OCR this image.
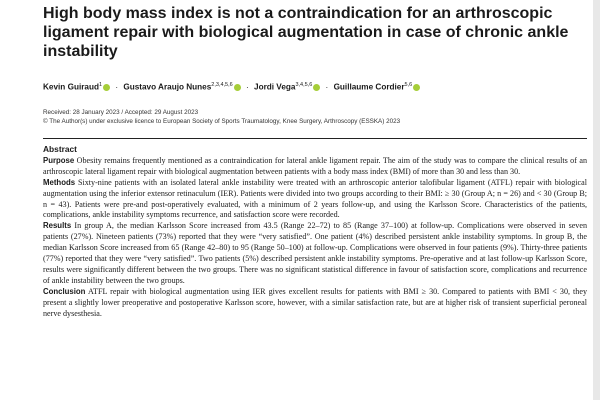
High body mass index is not a contraindication for an arthroscopic ligament repair with biological augmentation in case of chronic ankle instability
Kevin Guiraud$^1$ · Gustavo Araujo Nunes$^{2,3,4,5,6}$ · Jordi Vega$^{3,4,5,6}$ · Guillaume Cordier$^{5,6}$
Received: 28 January 2023 / Accepted: 29 August 2023
© The Author(s) under exclusive licence to European Society of Sports Traumatology, Knee Surgery, Arthroscopy (ESSKA) 2023
Abstract

Purpose Obesity remains frequently mentioned as a contraindication for lateral ankle ligament repair. The aim of the study was to compare the clinical results of an arthroscopic lateral ligament repair with biological augmentation between patients with a body mass index (BMI) of more than 30 and less than 30.

Methods Sixty-nine patients with an isolated lateral ankle instability were treated with an arthroscopic anterior talofibular ligament (ATFL) repair with biological augmentation using the inferior extensor retinaculum (IER). Patients were divided into two groups according to their BMI: ≥ 30 (Group A; n = 26) and < 30 (Group B; n = 43). Patients were pre-and post-operatively evaluated, with a minimum of 2 years follow-up, and using the Karlsson Score. Characteristics of the patients, complications, ankle instability symptoms recurrence, and satisfaction score were recorded.

Results In group A, the median Karlsson Score increased from 43.5 (Range 22–72) to 85 (Range 37–100) at follow-up. Complications were observed in seven patients (27%). Nineteen patients (73%) reported that they were “very satisfied”. One patient (4%) described persistent ankle instability symptoms. In group B, the median Karlsson Score increased from 65 (Range 42–80) to 95 (Range 50–100) at follow-up. Complications were observed in four patients (9%). Thirty-three patients (77%) reported that they were “very satisfied”. Two patients (5%) described persistent ankle instability symptoms. Pre-operative and at last follow-up Karlsson Score, results were significantly different between the two groups. There was no significant statistical difference in favour of satisfaction score, complications and recurrence of ankle instability between the two groups.

Conclusion ATFL repair with biological augmentation using IER gives excellent results for patients with BMI ≥ 30. Compared to patients with BMI < 30, they present a slightly lower preoperative and postoperative Karlsson score, however, with a similar satisfaction rate, but are at higher risk of transient superficial peroneal nerve dysesthesia.
